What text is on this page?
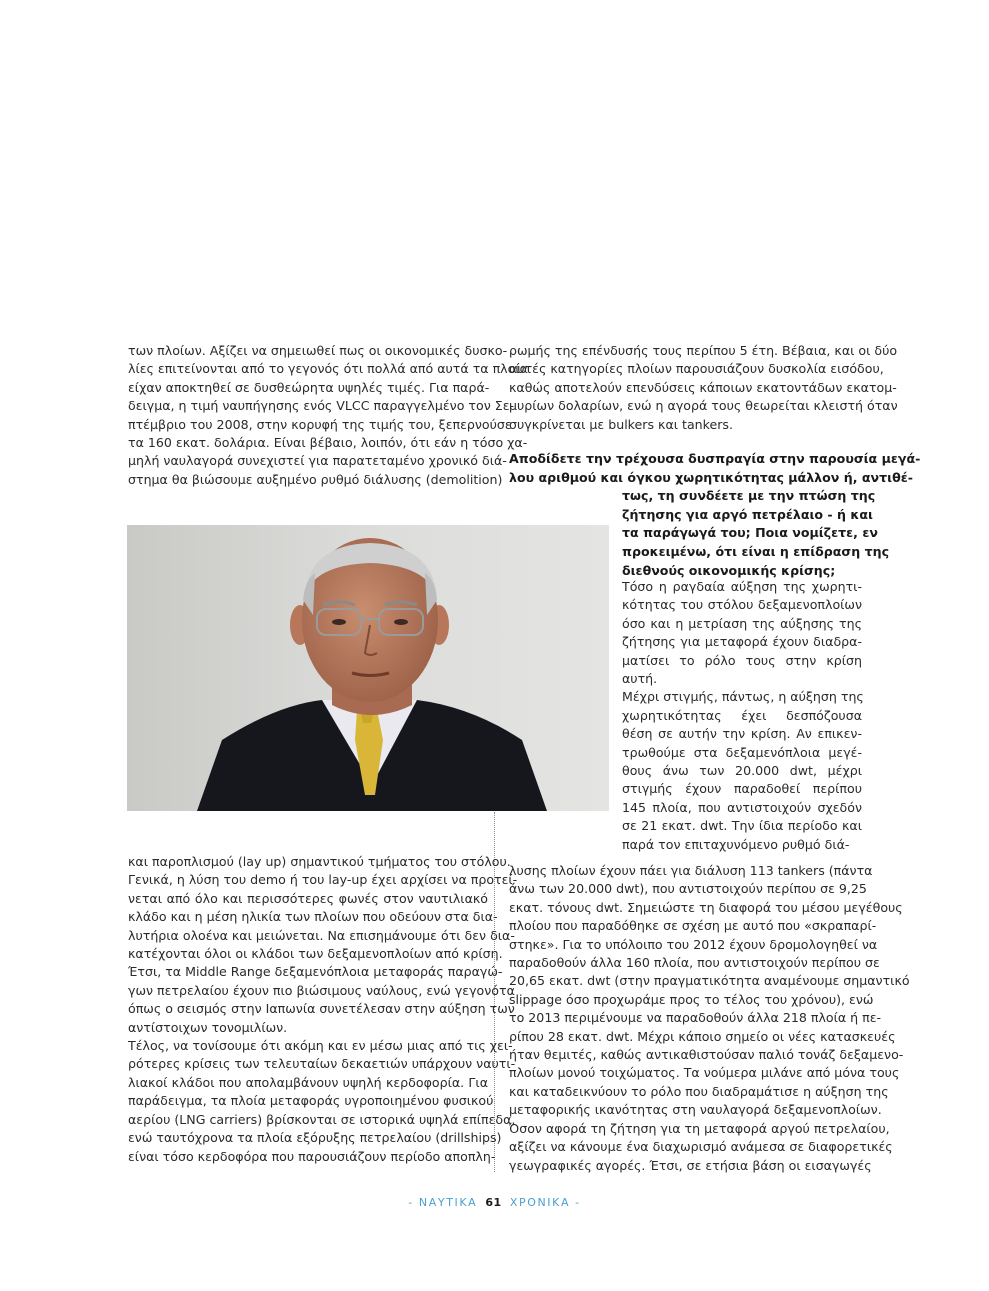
των πλοίων. Αξίζει να σημειωθεί πως οι οικονομικές δυσκο-
λίες επιτείνονται από το γεγονός ότι πολλά από αυτά τα πλοία
είχαν αποκτηθεί σε δυσθεώρητα υψηλές τιμές. Για παρά-
δειγμα, η τιμή ναυπήγησης ενός VLCC παραγγελμένο τον Σε-
πτέμβριο του 2008, στην κορυφή της τιμής του, ξεπερνούσε
τα 160 εκατ. δολάρια. Είναι βέβαιο, λοιπόν, ότι εάν η τόσο χα-
μηλή ναυλαγορά συνεχιστεί για παρατεταμένο χρονικό διά-
στημα θα βιώσουμε αυξημένο ρυθμό διάλυσης (demolition)
ρωμής της επένδυσής τους περίπου 5 έτη. Βέβαια, και οι δύο
αυτές κατηγορίες πλοίων παρουσιάζουν δυσκολία εισόδου,
καθώς αποτελούν επενδύσεις κάποιων εκατοντάδων εκατομ-
μυρίων δολαρίων, ενώ η αγορά τους θεωρείται κλειστή όταν
συγκρίνεται με bulkers και tankers.
Αποδίδετε την τρέχουσα δυσπραγία στην παρουσία μεγά-
λου αριθμού και όγκου χωρητικότητας μάλλον ή, αντιθέ-
τως, τη συνδέετε με την πτώση της
ζήτησης για αργό πετρέλαιο - ή και
τα παράγωγά του; Ποια νομίζετε, εν
προκειμένω, ότι είναι η επίδραση της
διεθνούς οικονομικής κρίσης;
Τόσο η ραγδαία αύξηση της χωρητι-
κότητας του στόλου δεξαμενοπλοίων
όσο και η μετρίαση της αύξησης της
ζήτησης για μεταφορά έχουν διαδρα-
ματίσει το ρόλο τους στην κρίση
αυτή.
Μέχρι στιγμής, πάντως, η αύξηση της
χωρητικότητας έχει δεσπόζουσα
θέση σε αυτήν την κρίση. Αν επικεν-
τρωθούμε στα δεξαμενόπλοια μεγέ-
θους άνω των 20.000 dwt, μέχρι
στιγμής έχουν παραδοθεί περίπου
145 πλοία, που αντιστοιχούν σχεδόν
σε 21 εκατ. dwt. Την ίδια περίοδο και
παρά τον επιταχυνόμενο ρυθμό διά-
και παροπλισμού (lay up) σημαντικού τμήματος του στόλου.
Γενικά, η λύση του demo ή του lay-up έχει αρχίσει να προτεί-
νεται από όλο και περισσότερες φωνές στον ναυτιλιακό
κλάδο και η μέση ηλικία των πλοίων που οδεύουν στα δια-
λυτήρια ολοένα και μειώνεται. Να επισημάνουμε ότι δεν δια-
κατέχονται όλοι οι κλάδοι των δεξαμενοπλοίων από κρίση.
Έτσι, τα Middle Range δεξαμενόπλοια μεταφοράς παραγώ-
γων πετρελαίου έχουν πιο βιώσιμους ναύλους, ενώ γεγονότα
όπως ο σεισμός στην Ιαπωνία συνετέλεσαν στην αύξηση των
αντίστοιχων τονομιλίων.
Τέλος, να τονίσουμε ότι ακόμη και εν μέσω μιας από τις χει-
ρότερες κρίσεις των τελευταίων δεκαετιών υπάρχουν ναυτι-
λιακοί κλάδοι που απολαμβάνουν υψηλή κερδοφορία. Για
παράδειγμα, τα πλοία μεταφοράς υγροποιημένου φυσικού
αερίου (LNG carriers) βρίσκονται σε ιστορικά υψηλά επίπεδα,
ενώ ταυτόχρονα τα πλοία εξόρυξης πετρελαίου (drillships)
είναι τόσο κερδοφόρα που παρουσιάζουν περίοδο αποπλη-
λυσης πλοίων έχουν πάει για διάλυση 113 tankers (πάντα
άνω των 20.000 dwt), που αντιστοιχούν περίπου σε 9,25
εκατ. τόνους dwt. Σημειώστε τη διαφορά του μέσου μεγέθους
πλοίου που παραδόθηκε σε σχέση με αυτό που «σκραπαρί-
στηκε». Για το υπόλοιπο του 2012 έχουν δρομολογηθεί να
παραδοθούν άλλα 160 πλοία, που αντιστοιχούν περίπου σε
20,65 εκατ. dwt (στην πραγματικότητα αναμένουμε σημαντικό
slippage όσο προχωράμε προς το τέλος του χρόνου), ενώ
το 2013 περιμένουμε να παραδοθούν άλλα 218 πλοία ή πε-
ρίπου 28 εκατ. dwt. Μέχρι κάποιο σημείο οι νέες κατασκευές
ήταν θεμιτές, καθώς αντικαθιστούσαν παλιό τονάζ δεξαμενο-
πλοίων μονού τοιχώματος. Τα νούμερα μιλάνε από μόνα τους
και καταδεικνύουν το ρόλο που διαδραμάτισε η αύξηση της
μεταφορικής ικανότητας στη ναυλαγορά δεξαμενοπλοίων.
Όσον αφορά τη ζήτηση για τη μεταφορά αργού πετρελαίου,
αξίζει να κάνουμε ένα διαχωρισμό ανάμεσα σε διαφορετικές
γεωγραφικές αγορές. Έτσι, σε ετήσια βάση οι εισαγωγές
- ΝΑΥΤΙΚΑ 61 ΧΡΟΝΙΚΑ -
